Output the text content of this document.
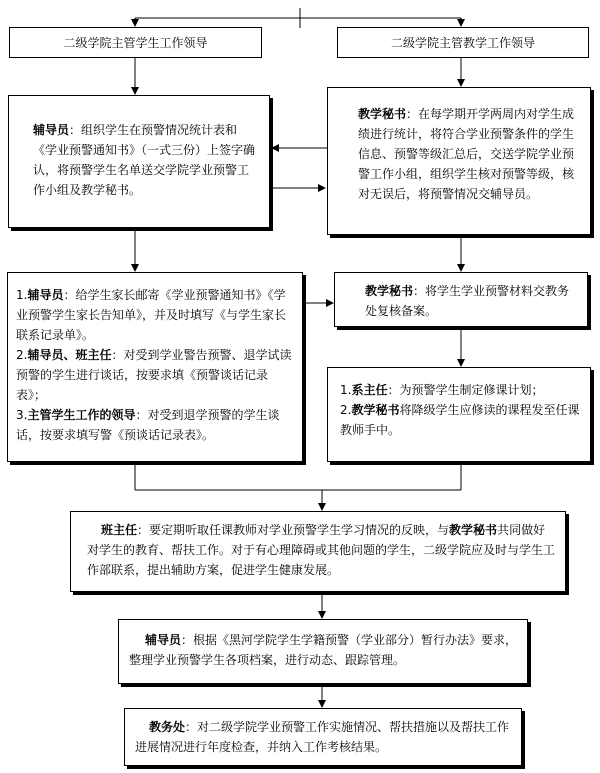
二级学院主管学生工作领导	二级学院主管教学工作领导

辅导员：组织学生在预警情况统计表和《学业预警通知书》（一式三份）上签字确认，将预警学生名单送交学院学业预警工作小组及教学秘书。

教学秘书：在每学期开学两周内对学生成绩进行统计，将符合学业预警条件的学生信息、预警等级汇总后，交送学院学业预警工作小组，组织学生核对预警等级，核对无误后，将预警情况交辅导员。

1.辅导员：给学生家长邮寄《学业预警通知书》《学业预警学生家长告知单》，并及时填写《与学生家长联系记录单》。

2.辅导员、班主任：对受到学业警告预警、退学试读预警的学生进行谈话，按要求填《预警谈话记录表》；

3.主管学生工作的领导：对受到退学预警的学生谈话，按要求填写警《预谈话记录表》。

教学秘书：将学生学业预警材料交教务处复核备案。

1.系主任：为预警学生制定修课计划；

2.教学秘书将降级学生应修读的课程发至任课教师手中。

班主任：要定期听取任课教师对学业预警学生学习情况的反映，与教学秘书共同做好对学生的教育、帮扶工作。对于有心理障碍或其他问题的学生，二级学院应及时与学生工作部联系，提出辅助方案，促进学生健康发展。

辅导员：根据《黑河学院学生学籍预警（学业部分）暂行办法》要求，整理学业预警学生各项档案，进行动态、跟踪管理。

教务处：对二级学院学业预警工作实施情况、帮扶措施以及帮扶工作进展情况进行年度检查，并纳入工作考核结果。
